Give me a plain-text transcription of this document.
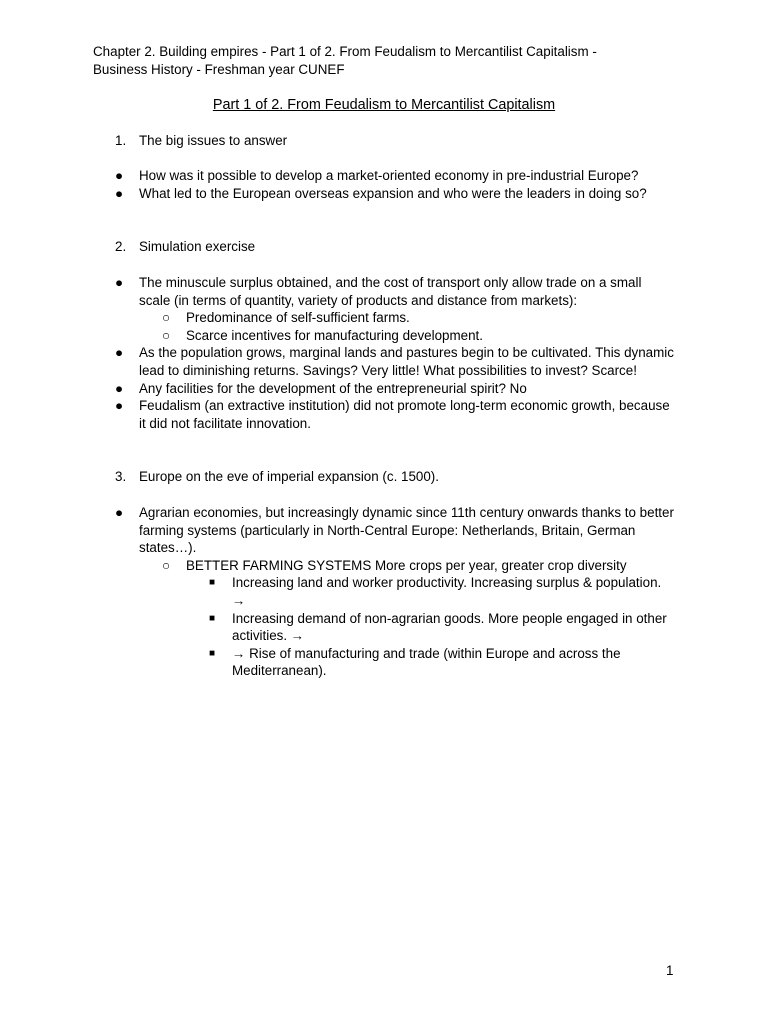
Chapter 2. Building empires - Part 1 of 2. From Feudalism to Mercantilist Capitalism - Business History - Freshman year CUNEF
Part 1 of 2. From Feudalism to Mercantilist Capitalism
1. The big issues to answer
● How was it possible to develop a market-oriented economy in pre-industrial Europe?
● What led to the European overseas expansion and who were the leaders in doing so?
2. Simulation exercise
● The minuscule surplus obtained, and the cost of transport only allow trade on a small scale (in terms of quantity, variety of products and distance from markets):
○ Predominance of self-sufficient farms.
○ Scarce incentives for manufacturing development.
● As the population grows, marginal lands and pastures begin to be cultivated. This dynamic lead to diminishing returns. Savings? Very little! What possibilities to invest? Scarce!
● Any facilities for the development of the entrepreneurial spirit? No
● Feudalism (an extractive institution) did not promote long-term economic growth, because it did not facilitate innovation.
3. Europe on the eve of imperial expansion (c. 1500).
● Agrarian economies, but increasingly dynamic since 11th century onwards thanks to better farming systems (particularly in North-Central Europe: Netherlands, Britain, German states…).
○ BETTER FARMING SYSTEMS More crops per year, greater crop diversity
■ Increasing land and worker productivity. Increasing surplus & population. →
■ Increasing demand of non-agrarian goods. More people engaged in other activities. →
■ → Rise of manufacturing and trade (within Europe and across the Mediterranean).
1
